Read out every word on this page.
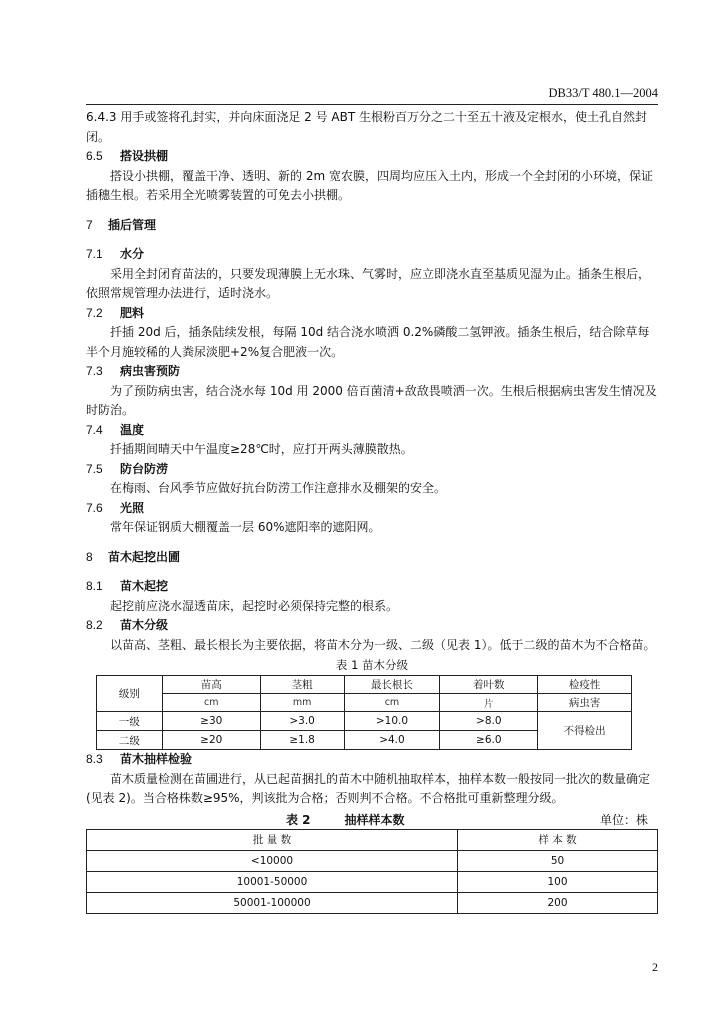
DB33/T 480.1—2004

6.4.3 用手或签将孔封实，并向床面浇足 2 号 ABT 生根粉百万分之二十至五十液及定根水，使土孔自然封闭。

6.5	搭设拱棚

搭设小拱棚，覆盖干净、透明、新的 2m 宽农膜，四周均应压入土内，形成一个全封闭的小环境，保证插穗生根。若采用全光喷雾装置的可免去小拱棚。

7	插后管理
7.1	水分

采用全封闭育苗法的，只要发现薄膜上无水珠、气雾时，应立即浇水直至基质见湿为止。插条生根后，依照常规管理办法进行，适时浇水。

7.2	肥料

扦插 20d 后，插条陆续发根，每隔 10d 结合浇水喷洒 0.2%磷酸二氢钾液。插条生根后，结合除草每半个月施较稀的人粪尿淡肥+2%复合肥液一次。

7.3	病虫害预防

为了预防病虫害，结合浇水每 10d 用 2000 倍百菌清+敌敌畏喷洒一次。生根后根据病虫害发生情况及时防治。

7.4	温度

扦插期间晴天中午温度≥28℃时，应打开两头薄膜散热。

7.5	防台防涝

在梅雨、台风季节应做好抗台防涝工作注意排水及棚架的安全。

7.6	光照

常年保证钢质大棚覆盖一层 60%遮阳率的遮阳网。

8	苗木起挖出圃
8.1	苗木起挖

起挖前应浇水湿透苗床，起挖时必须保持完整的根系。

8.2	苗木分级

以苗高、茎粗、最长根长为主要依据，将苗木分为一级、二级（见表 1）。低于二级的苗木为不合格苗。

表 1 苗木分级
级别	苗高	茎粗	最长根长	着叶数	检疫性
	cm	mm	cm	片	病虫害
一级	≥30	>3.0	>10.0	>8.0	不得检出
二级	≥20	≥1.8	>4.0	≥6.0	
8.3	苗木抽样检验

苗木质量检测在苗圃进行，从已起苗捆扎的苗木中随机抽取样本，抽样本数一般按同一批次的数量确定(见表 2)。当合格株数≥95%，判该批为合格；否则判不合格。不合格批可重新整理分级。

表 2	抽样样本数	单位：株
批 量 数	样 本 数
<10000	50
10001-50000	100
50001-100000	200
2
